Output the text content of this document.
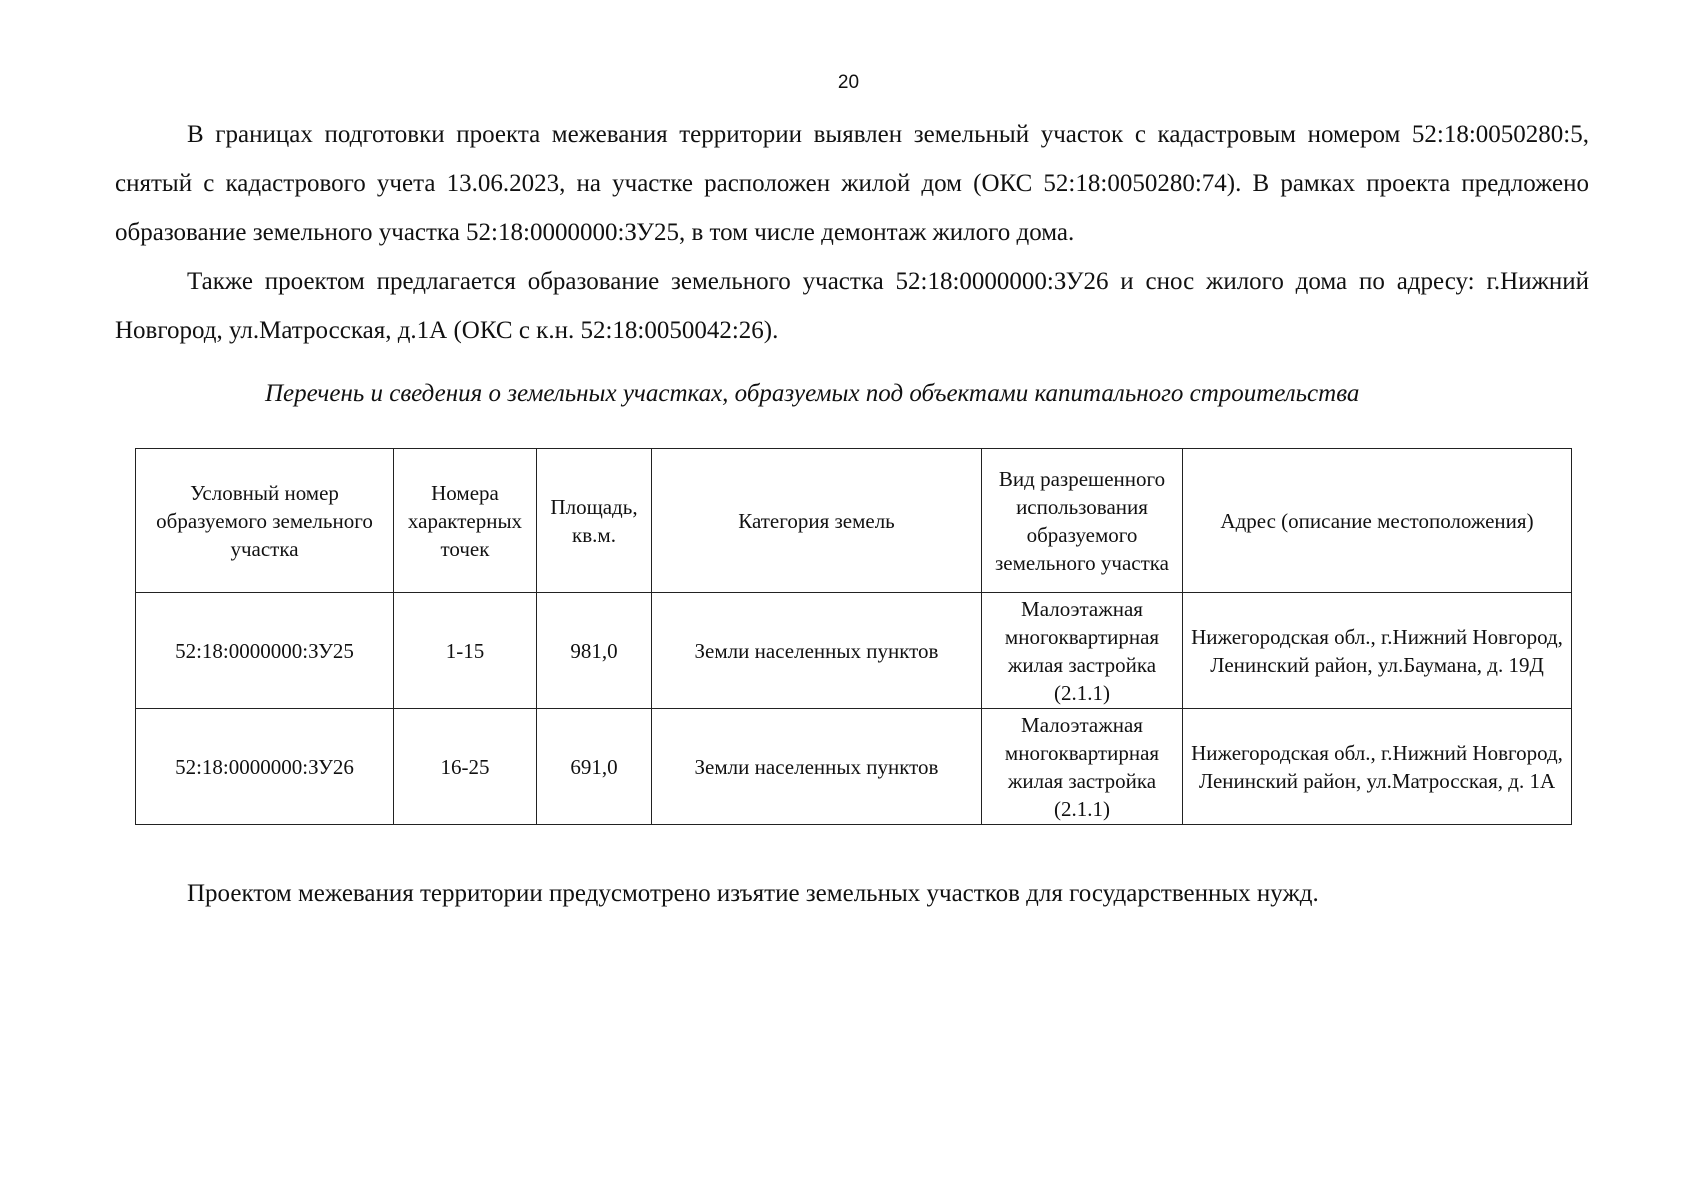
20

В границах подготовки проекта межевания территории выявлен земельный участок с кадастровым номером 52:18:0050280:5, снятый с кадастрового учета 13.06.2023, на участке расположен жилой дом (ОКС 52:18:0050280:74). В рамках проекта предложено образование земельного участка 52:18:0000000:ЗУ25, в том числе демонтаж жилого дома.

Также проектом предлагается образование земельного участка 52:18:0000000:ЗУ26 и снос жилого дома по адресу: г.Нижний Новгород, ул.Матросская, д.1А (ОКС с к.н. 52:18:0050042:26).

Перечень и сведения о земельных участках, образуемых под объектами капитального строительства
Условный номер образуемого земельного участка	Номера характерных точек	Площадь, кв.м.	Категория земель	Вид разрешенного использования образуемого земельного участка	Адрес (описание местоположения)
52:18:0000000:ЗУ25	1-15	981,0	Земли населенных пунктов	Малоэтажная многоквартирная жилая застройка (2.1.1)	Нижегородская обл., г.Нижний Новгород, Ленинский район, ул.Баумана, д. 19Д
52:18:0000000:ЗУ26	16-25	691,0	Земли населенных пунктов	Малоэтажная многоквартирная жилая застройка (2.1.1)	Нижегородская обл., г.Нижний Новгород, Ленинский район, ул.Матросская, д. 1А
Проектом межевания территории предусмотрено изъятие земельных участков для государственных нужд.
